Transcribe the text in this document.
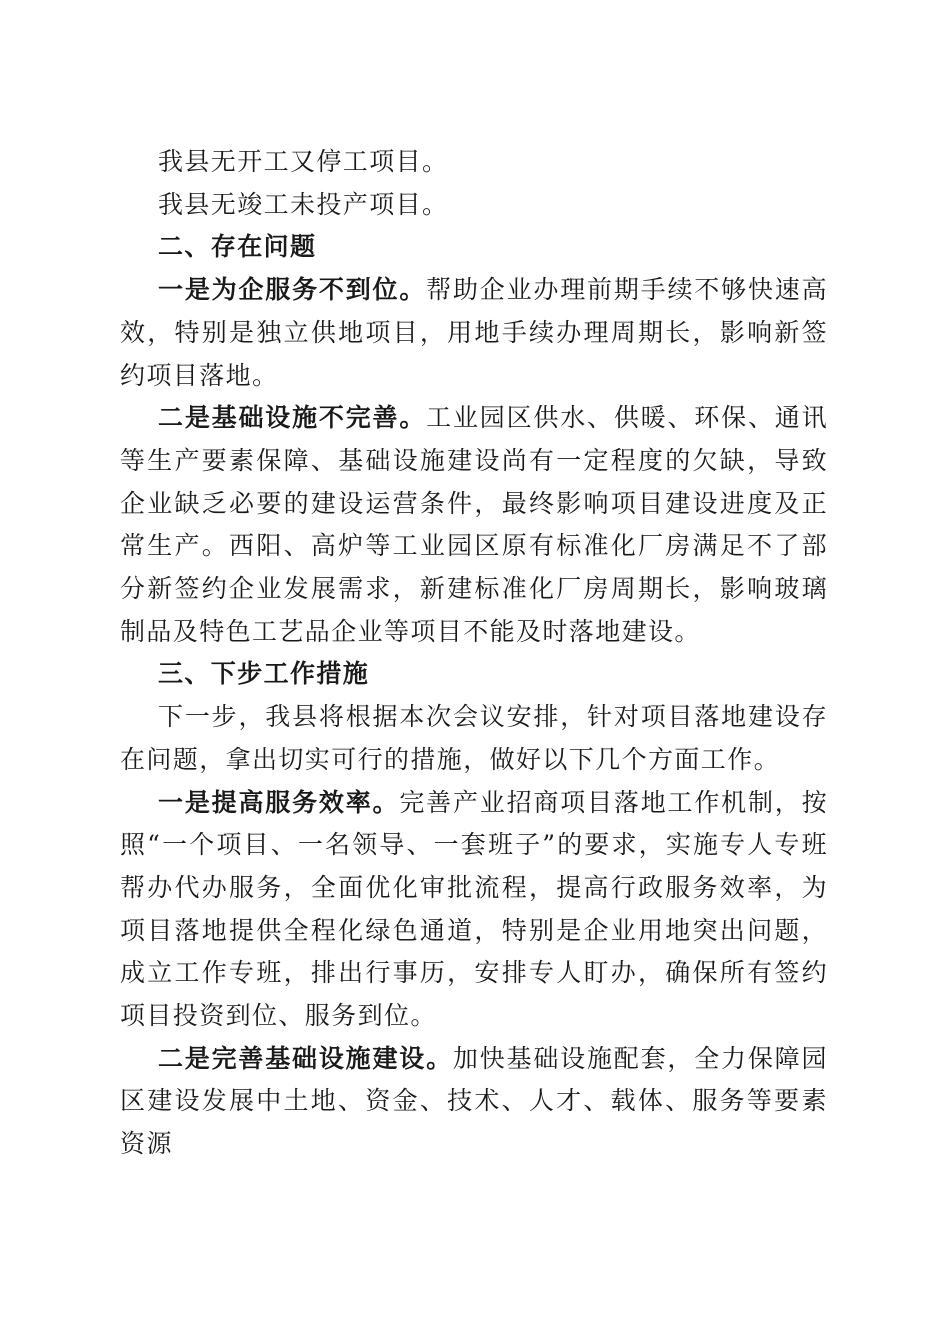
我县无开工又停工项目。

我县无竣工未投产项目。

二、存在问题

一是为企服务不到位。帮助企业办理前期手续不够快速高效，特别是独立供地项目，用地手续办理周期长，影响新签约项目落地。

二是基础设施不完善。工业园区供水、供暖、环保、通讯等生产要素保障、基础设施建设尚有一定程度的欠缺，导致企业缺乏必要的建设运营条件，最终影响项目建设进度及正常生产。西阳、高炉等工业园区原有标准化厂房满足不了部分新签约企业发展需求，新建标准化厂房周期长，影响玻璃制品及特色工艺品企业等项目不能及时落地建设。

三、下步工作措施

下一步，我县将根据本次会议安排，针对项目落地建设存在问题，拿出切实可行的措施，做好以下几个方面工作。

一是提高服务效率。完善产业招商项目落地工作机制，按照“一个项目、一名领导、一套班子”的要求，实施专人专班帮办代办服务，全面优化审批流程，提高行政服务效率，为项目落地提供全程化绿色通道，特别是企业用地突出问题，成立工作专班，排出行事历，安排专人盯办，确保所有签约项目投资到位、服务到位。

二是完善基础设施建设。加快基础设施配套，全力保障园区建设发展中土地、资金、技术、人才、载体、服务等要素资源
